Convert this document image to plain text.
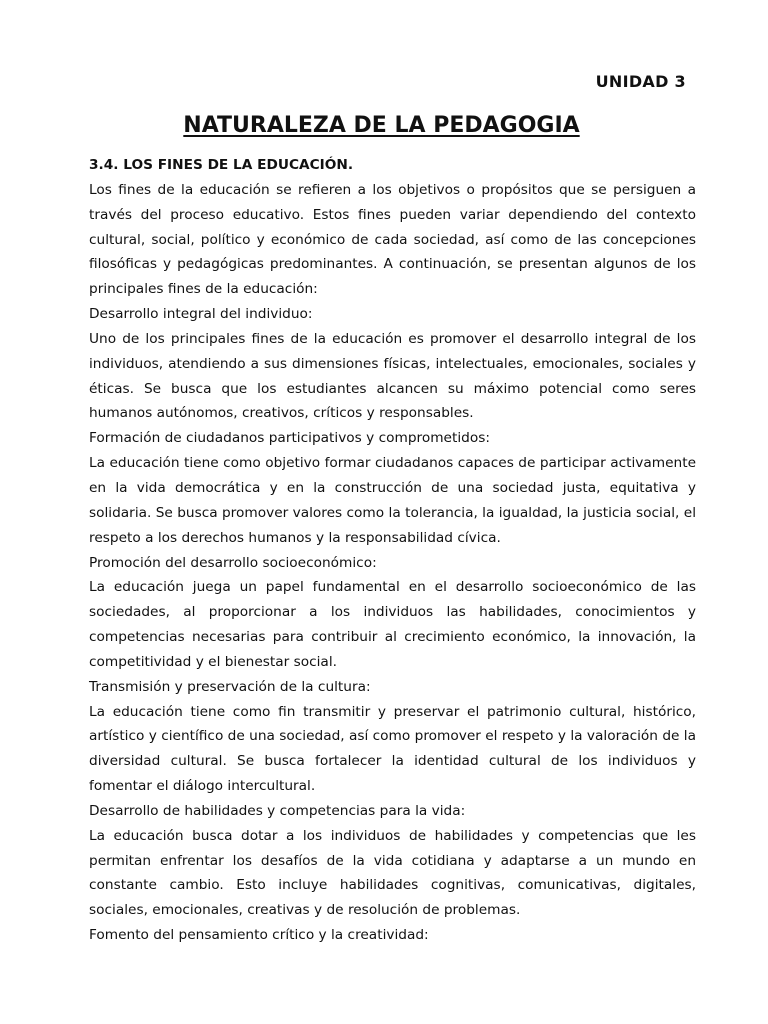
UNIDAD 3
NATURALEZA DE LA PEDAGOGIA

3.4. LOS FINES DE LA EDUCACIÓN.

Los fines de la educación se refieren a los objetivos o propósitos que se persiguen a través del proceso educativo. Estos fines pueden variar dependiendo del contexto cultural, social, político y económico de cada sociedad, así como de las concepciones filosóficas y pedagógicas predominantes. A continuación, se presentan algunos de los principales fines de la educación:

Desarrollo integral del individuo:

Uno de los principales fines de la educación es promover el desarrollo integral de los individuos, atendiendo a sus dimensiones físicas, intelectuales, emocionales, sociales y éticas. Se busca que los estudiantes alcancen su máximo potencial como seres humanos autónomos, creativos, críticos y responsables.

Formación de ciudadanos participativos y comprometidos:

La educación tiene como objetivo formar ciudadanos capaces de participar activamente en la vida democrática y en la construcción de una sociedad justa, equitativa y solidaria. Se busca promover valores como la tolerancia, la igualdad, la justicia social, el respeto a los derechos humanos y la responsabilidad cívica.

Promoción del desarrollo socioeconómico:

La educación juega un papel fundamental en el desarrollo socioeconómico de las sociedades, al proporcionar a los individuos las habilidades, conocimientos y competencias necesarias para contribuir al crecimiento económico, la innovación, la competitividad y el bienestar social.

Transmisión y preservación de la cultura:

La educación tiene como fin transmitir y preservar el patrimonio cultural, histórico, artístico y científico de una sociedad, así como promover el respeto y la valoración de la diversidad cultural. Se busca fortalecer la identidad cultural de los individuos y fomentar el diálogo intercultural.

Desarrollo de habilidades y competencias para la vida:

La educación busca dotar a los individuos de habilidades y competencias que les permitan enfrentar los desafíos de la vida cotidiana y adaptarse a un mundo en constante cambio. Esto incluye habilidades cognitivas, comunicativas, digitales, sociales, emocionales, creativas y de resolución de problemas.

Fomento del pensamiento crítico y la creatividad:
